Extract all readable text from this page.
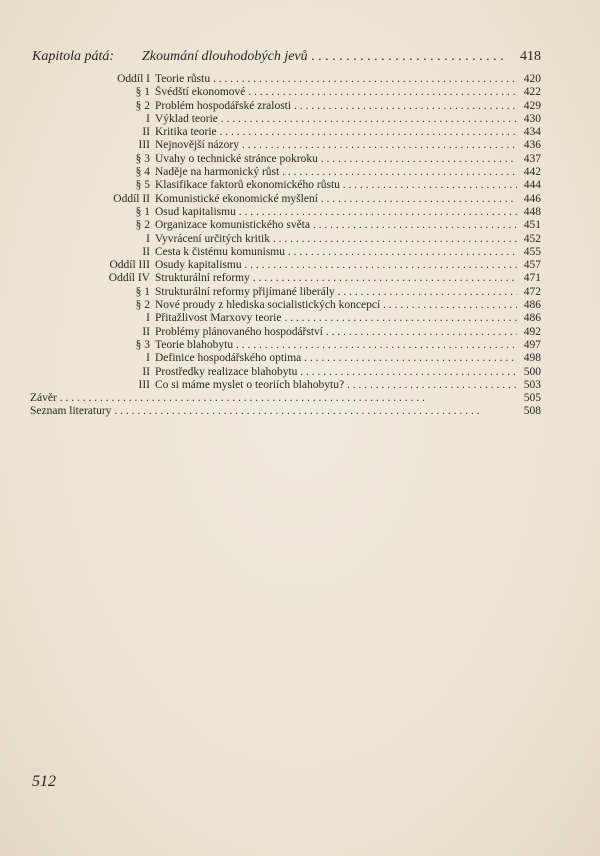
Kapitola pátá: Zkoumání dlouhodobých jevů . . .	418
Oddíl I Teorie růstu . . .	420
§ 1 Švédští ekonomové . . .	422
§ 2 Problém hospodářské zralosti . . .	429
I Výklad teorie . . .	430
II Kritika teorie . . .	434
III Nejnovější názory . . .	436
§ 3 Úvahy o technické stránce pokroku . . .	437
§ 4 Naděje na harmonický růst . . .	442
§ 5 Klasifikace faktorů ekonomického růstu . . .	444
Oddíl II Komunistické ekonomické myšlení . . .	446
§ 1 Osud kapitalismu . . .	448
§ 2 Organizace komunistického světa . . .	451
I Vyvrácení určitých kritik . . .	452
II Cesta k čistému komunismu . . .	455
Oddíl III Osudy kapitalismu . . .	457
Oddíl IV Strukturální reformy . . .	471
§ 1 Strukturální reformy přijímané liberály . . .	472
§ 2 Nové proudy z hlediska socialistických koncepcí . . .	486
I Přitažlivost Marxovy teorie . . .	486
II Problémy plánovaného hospodářství . . .	492
§ 3 Teorie blahobytu . . .	497
I Definice hospodářského optima . . .	498
II Prostředky realizace blahobytu . . .	500
III Co si máme myslet o teoriích blahobytu? . . .	503
Závěr . . .	505
Seznam literatury . . .	508
512
